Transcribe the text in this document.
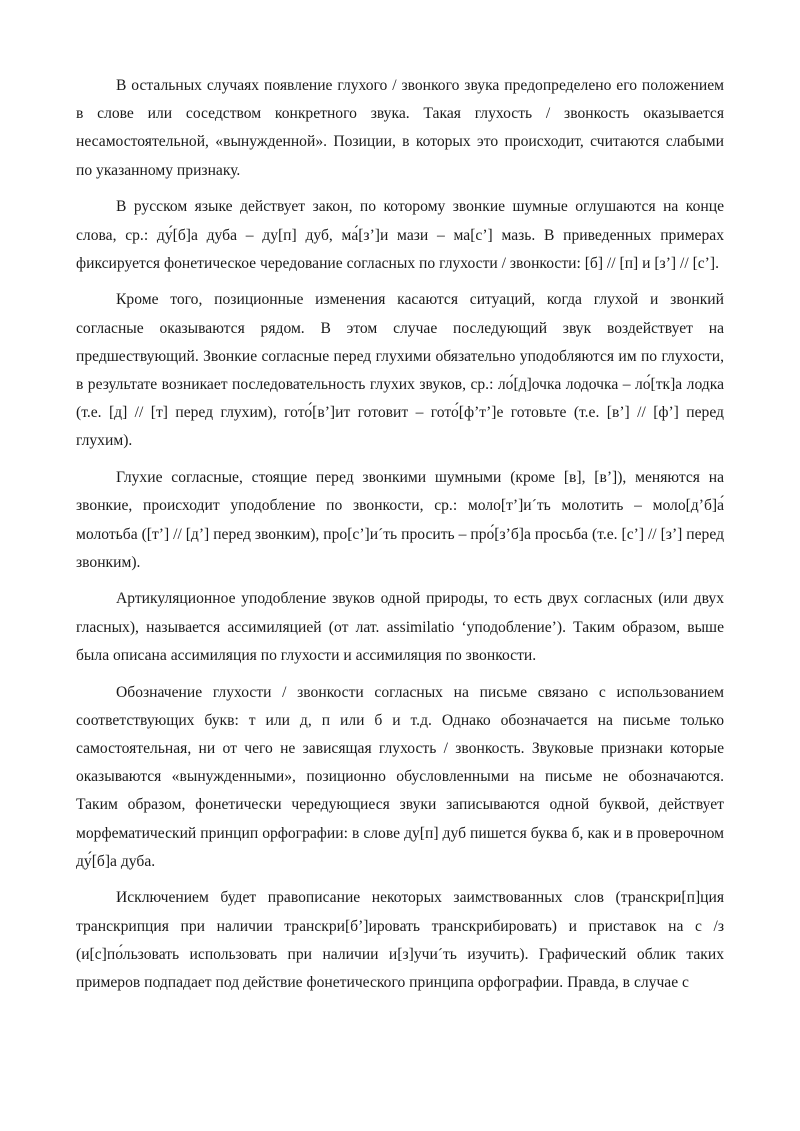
В остальных случаях появление глухого / звонкого звука предопределено его положением в слове или соседством конкретного звука. Такая глухость / звонкость оказывается несамостоятельной, «вынужденной». Позиции, в которых это происходит, считаются слабыми по указанному признаку.

В русском языке действует закон, по которому звонкие шумные оглушаются на конце слова, ср.: ду́[б]а дуба – ду[п] дуб, ма́[з’]и мази – ма[с’] мазь. В приведенных примерах фиксируется фонетическое чередование согласных по глухости / звонкости: [б] // [п] и [з’] // [с’].

Кроме того, позиционные изменения касаются ситуаций, когда глухой и звонкий согласные оказываются рядом. В этом случае последующий звук воздействует на предшествующий. Звонкие согласные перед глухими обязательно уподобляются им по глухости, в результате возникает последовательность глухих звуков, ср.: ло́[д]очка лодочка – ло́[тк]а лодка (т.е. [д] // [т] перед глухим), гото́[в’]ит готовит – гото́[ф’т’]е готовьте (т.е. [в’] // [ф’] перед глухим).

Глухие согласные, стоящие перед звонкими шумными (кроме [в], [в’]), меняются на звонкие, происходит уподобление по звонкости, ср.: моло[т’]и´ть молотить – моло[д’б]а́ молотьба ([т’] // [д’] перед звонким), про[с’]и´ть просить – про́[з’б]а просьба (т.е. [с’] // [з’] перед звонким).

Артикуляционное уподобление звуков одной природы, то есть двух согласных (или двух гласных), называется ассимиляцией (от лат. assimilatio ‘уподобление’). Таким образом, выше была описана ассимиляция по глухости и ассимиляция по звонкости.

Обозначение глухости / звонкости согласных на письме связано с использованием соответствующих букв: т или д, п или б и т.д. Однако обозначается на письме только самостоятельная, ни от чего не зависящая глухость / звонкость. Звуковые признаки которые оказываются «вынужденными», позиционно обусловленными на письме не обозначаются. Таким образом, фонетически чередующиеся звуки записываются одной буквой, действует морфематический принцип орфографии: в слове ду[п] дуб пишется буква б, как и в проверочном ду́[б]а дуба.

Исключением будет правописание некоторых заимствованных слов (транскри[п]ция транскрипция при наличии транскри[б’]ировать транскрибировать) и приставок на с /з (и[с]по́льзовать использовать при наличии и[з]учи´ть изучить). Графический облик таких примеров подпадает под действие фонетического принципа орфографии. Правда, в случае с
